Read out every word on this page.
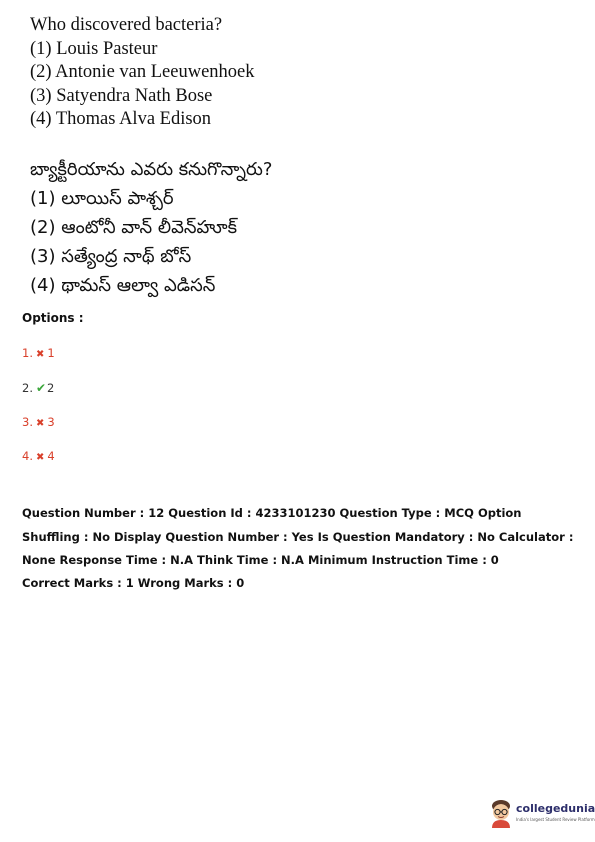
Who discovered bacteria?
(1) Louis Pasteur
(2) Antonie van Leeuwenhoek
(3) Satyendra Nath Bose
(4) Thomas Alva Edison
బ్యాక్టీరియాను ఎవరు కనుగొన్నారు?
(1) లూయిస్ పాశ్చర్
(2) ఆంటోనీ వాన్ లీవెన్‌హూక్
(3) సత్యేంద్ర నాథ్ బోస్
(4) థామస్ ఆల్వా ఎడిసన్
Options :
1. ✖ 1
2. ✔2
3. ✖ 3
4. ✖ 4
Question Number : 12 Question Id : 4233101230 Question Type : MCQ Option Shuffling : No Display Question Number : Yes Is Question Mandatory : No Calculator : None Response Time : N.A Think Time : N.A Minimum Instruction Time : 0
Correct Marks : 1 Wrong Marks : 0
collegedunia
India's largest Student Review Platform
